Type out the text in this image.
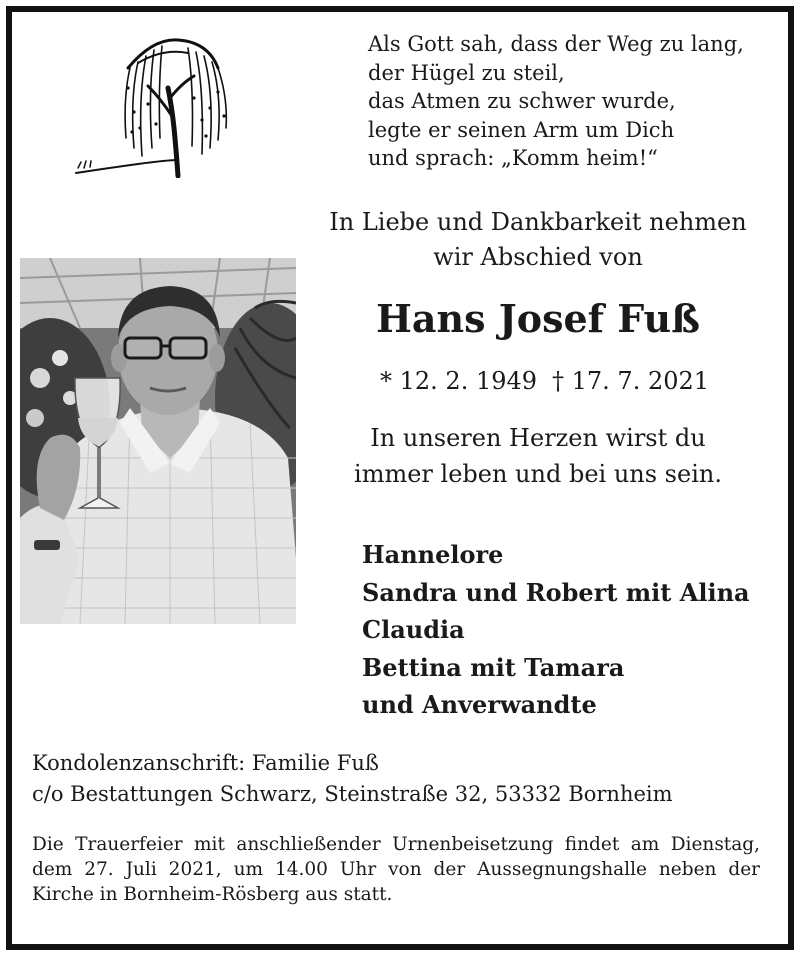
Als Gott sah, dass der Weg zu lang,
der Hügel zu steil,
das Atmen zu schwer wurde,
legte er seinen Arm um Dich
und sprach: „Komm heim!“
In Liebe und Dankbarkeit nehmen
wir Abschied von
Hans Josef Fuß
* 12. 2. 1949 † 17. 7. 2021
In unseren Herzen wirst du
immer leben und bei uns sein.
Hannelore
Sandra und Robert mit Alina
Claudia
Bettina mit Tamara
und Anverwandte
Kondolenzanschrift: Familie Fuß
c/o Bestattungen Schwarz, Steinstraße 32, 53332 Bornheim
Die Trauerfeier mit anschließender Urnenbeisetzung findet am Dienstag, dem 27. Juli 2021, um 14.00 Uhr von der Aussegnungshalle neben der Kirche in Bornheim-Rösberg aus statt.
